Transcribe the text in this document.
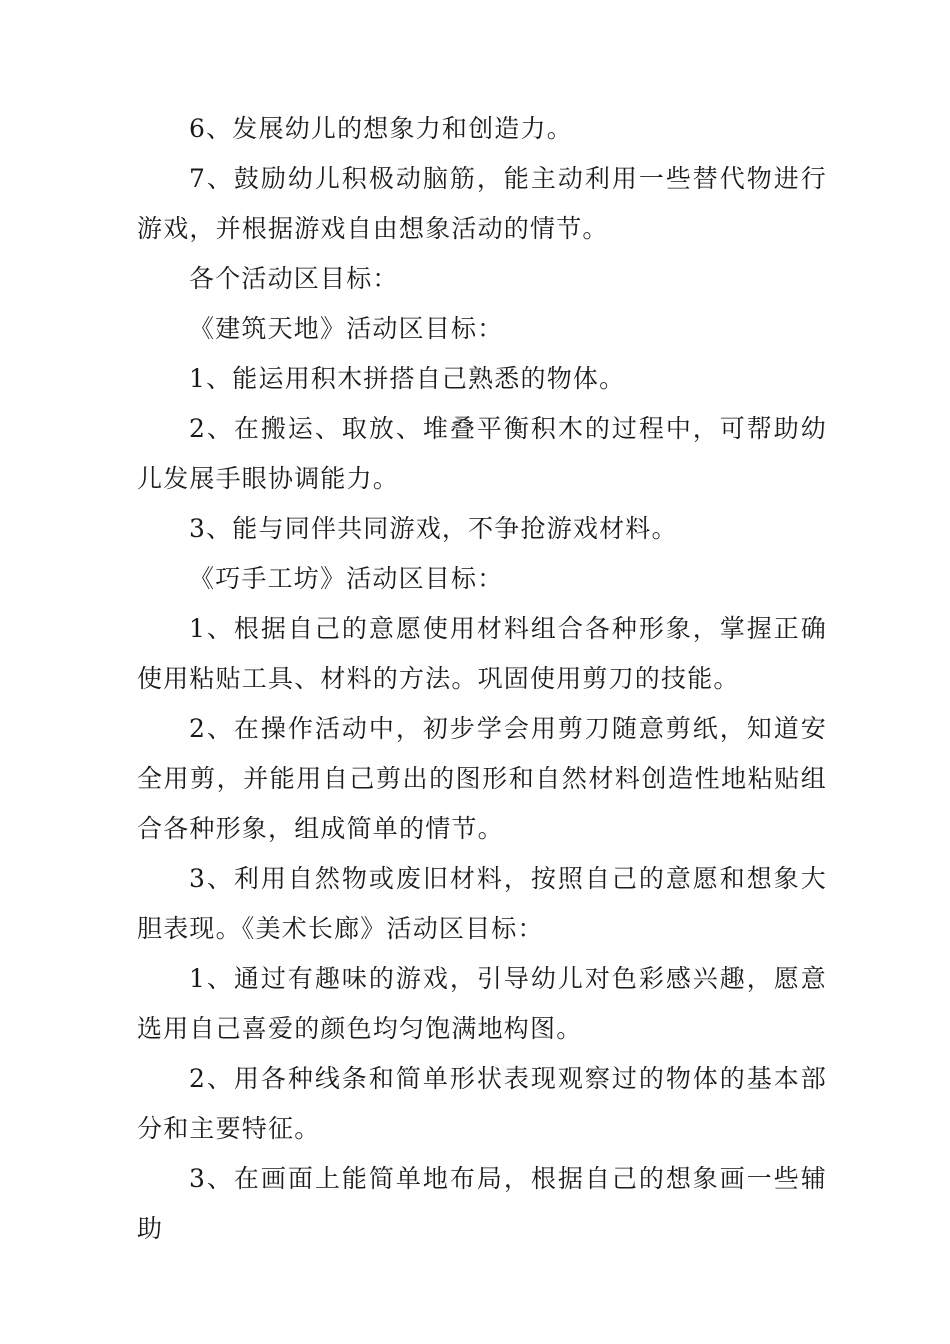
6、发展幼儿的想象力和创造力。

7、鼓励幼儿积极动脑筋，能主动利用一些替代物进行游戏，并根据游戏自由想象活动的情节。

各个活动区目标：

《建筑天地》活动区目标：

1、能运用积木拼搭自己熟悉的物体。

2、在搬运、取放、堆叠平衡积木的过程中，可帮助幼儿发展手眼协调能力。

3、能与同伴共同游戏，不争抢游戏材料。

《巧手工坊》活动区目标：

1、根据自己的意愿使用材料组合各种形象，掌握正确使用粘贴工具、材料的方法。巩固使用剪刀的技能。

2、在操作活动中，初步学会用剪刀随意剪纸，知道安全用剪，并能用自己剪出的图形和自然材料创造性地粘贴组合各种形象，组成简单的情节。

3、利用自然物或废旧材料，按照自己的意愿和想象大胆表现。《美术长廊》活动区目标：

1、通过有趣味的游戏，引导幼儿对色彩感兴趣，愿意选用自己喜爱的颜色均匀饱满地构图。

2、用各种线条和简单形状表现观察过的物体的基本部分和主要特征。

3、在画面上能简单地布局，根据自己的想象画一些辅助
